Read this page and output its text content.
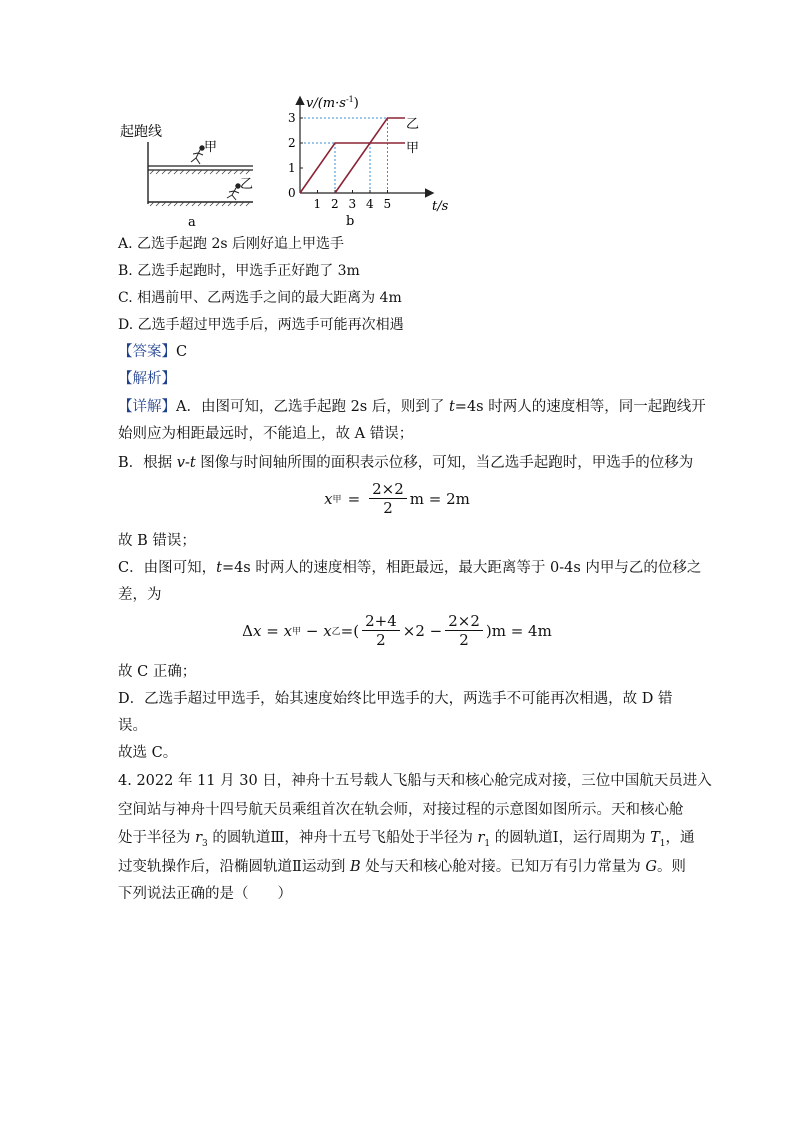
起跑线
甲
乙
a
$v/(m\cdot s^{-1})$
t/s
0
1 2 3 4 5
1
2
3	乙
甲
b
A. 乙选手起跑 2s 后刚好追上甲选手
B. 乙选手起跑时，甲选手正好跑了 3m
C. 相遇前甲、乙两选手之间的最大距离为 4m
D. 乙选手超过甲选手后，两选手可能再次相遇
【答案】C
【解析】
【详解】A．由图可知，乙选手起跑 2s 后，则到了 t=4s 时两人的速度相等，同一起跑线开
始则应为相距最远时，不能追上，故 A 错误；
B．根据 v-t 图像与时间轴所围的面积表示位移，可知，当乙选手起跑时，甲选手的位移为
x 甲 = $\frac{2\times 2}{2}$ m = 2m
故 B 错误；
C．由图可知，t=4s 时两人的速度相等，相距最远，最大距离等于 0-4s 内甲与乙的位移之
差，为
Δ x = x 甲 − x 乙 =( $\frac{2+4}{2} \times 2 - \frac{2\times 2}{2} )m = 4m$
故 C 正确；
D．乙选手超过甲选手，始其速度始终比甲选手的大，两选手不可能再次相遇，故 D 错
误。
故选 C。
4. 2022 年 11 月 30 日，神舟十五号载人飞船与天和核心舱完成对接，三位中国航天员进入
空间站与神舟十四号航天员乘组首次在轨会师，对接过程的示意图如图所示。天和核心舱
处于半径为 $r_3$ 的圆轨道Ⅲ，神舟十五号飞船处于半径为 $r_1$ 的圆轨道Ⅰ，运行周期为 $T_1$，通
过变轨操作后，沿椭圆轨道Ⅱ运动到 B 处与天和核心舱对接。已知万有引力常量为 G。则
下列说法正确的是（　　）
